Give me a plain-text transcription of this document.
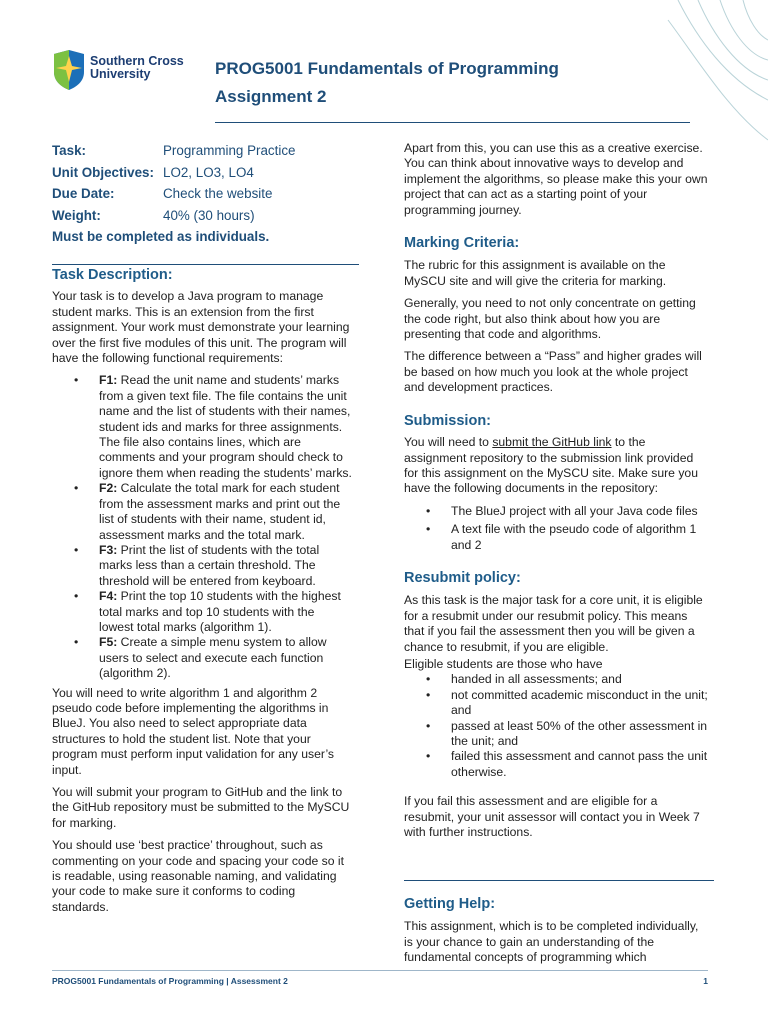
Southern Cross
University	PROG5001 Fundamentals of Programming
Assignment 2
Task:	Programming Practice
Unit Objectives: LO2, LO3, LO4
Due Date:	Check the website
Weight:	40% (30 hours)
Must be completed as individuals.
Task Description:

Your task is to develop a Java program to manage student marks. This is an extension from the first assignment. Your work must demonstrate your learning over the first five modules of this unit. The program will have the following functional requirements:

• F1: Read the unit name and students’ marks from a given text file. The file contains the unit name and the list of students with their names, student ids and marks for three assignments. The file also contains lines, which are comments and your program should check to ignore them when reading the students’ marks.
• F2: Calculate the total mark for each student from the assessment marks and print out the list of students with their name, student id, assessment marks and the total mark.
• F3: Print the list of students with the total marks less than a certain threshold. The threshold will be entered from keyboard.
• F4: Print the top 10 students with the highest total marks and top 10 students with the lowest total marks (algorithm 1).
• F5: Create a simple menu system to allow users to select and execute each function (algorithm 2).

You will need to write algorithm 1 and algorithm 2 pseudo code before implementing the algorithms in BlueJ. You also need to select appropriate data structures to hold the student list. Note that your program must perform input validation for any user’s input.

You will submit your program to GitHub and the link to the GitHub repository must be submitted to the MySCU for marking.

You should use ‘best practice’ throughout, such as commenting on your code and spacing your code so it is readable, using reasonable naming, and validating your code to make sure it conforms to coding standards.

Apart from this, you can use this as a creative exercise. You can think about innovative ways to develop and implement the algorithms, so please make this your own project that can act as a starting point of your programming journey.

Marking Criteria:

The rubric for this assignment is available on the MySCU site and will give the criteria for marking.

Generally, you need to not only concentrate on getting the code right, but also think about how you are presenting that code and algorithms.

The difference between a “Pass” and higher grades will be based on how much you look at the whole project and development practices.

Submission:

You will need to submit the GitHub link to the assignment repository to the submission link provided for this assignment on the MySCU site. Make sure you have the following documents in the repository:

• The BlueJ project with all your Java code files
• A text file with the pseudo code of algorithm 1 and 2
Resubmit policy:

As this task is the major task for a core unit, it is eligible for a resubmit under our resubmit policy. This means that if you fail the assessment then you will be given a chance to resubmit, if you are eligible.

Eligible students are those who have

• handed in all assessments; and
• not committed academic misconduct in the unit; and
• passed at least 50% of the other assessment in the unit; and
• failed this assessment and cannot pass the unit otherwise.

If you fail this assessment and are eligible for a resubmit, your unit assessor will contact you in Week 7 with further instructions.

Getting Help:

This assignment, which is to be completed individually, is your chance to gain an understanding of the fundamental concepts of programming which

PROG5001 Fundamentals of Programming | Assessment 2	1
